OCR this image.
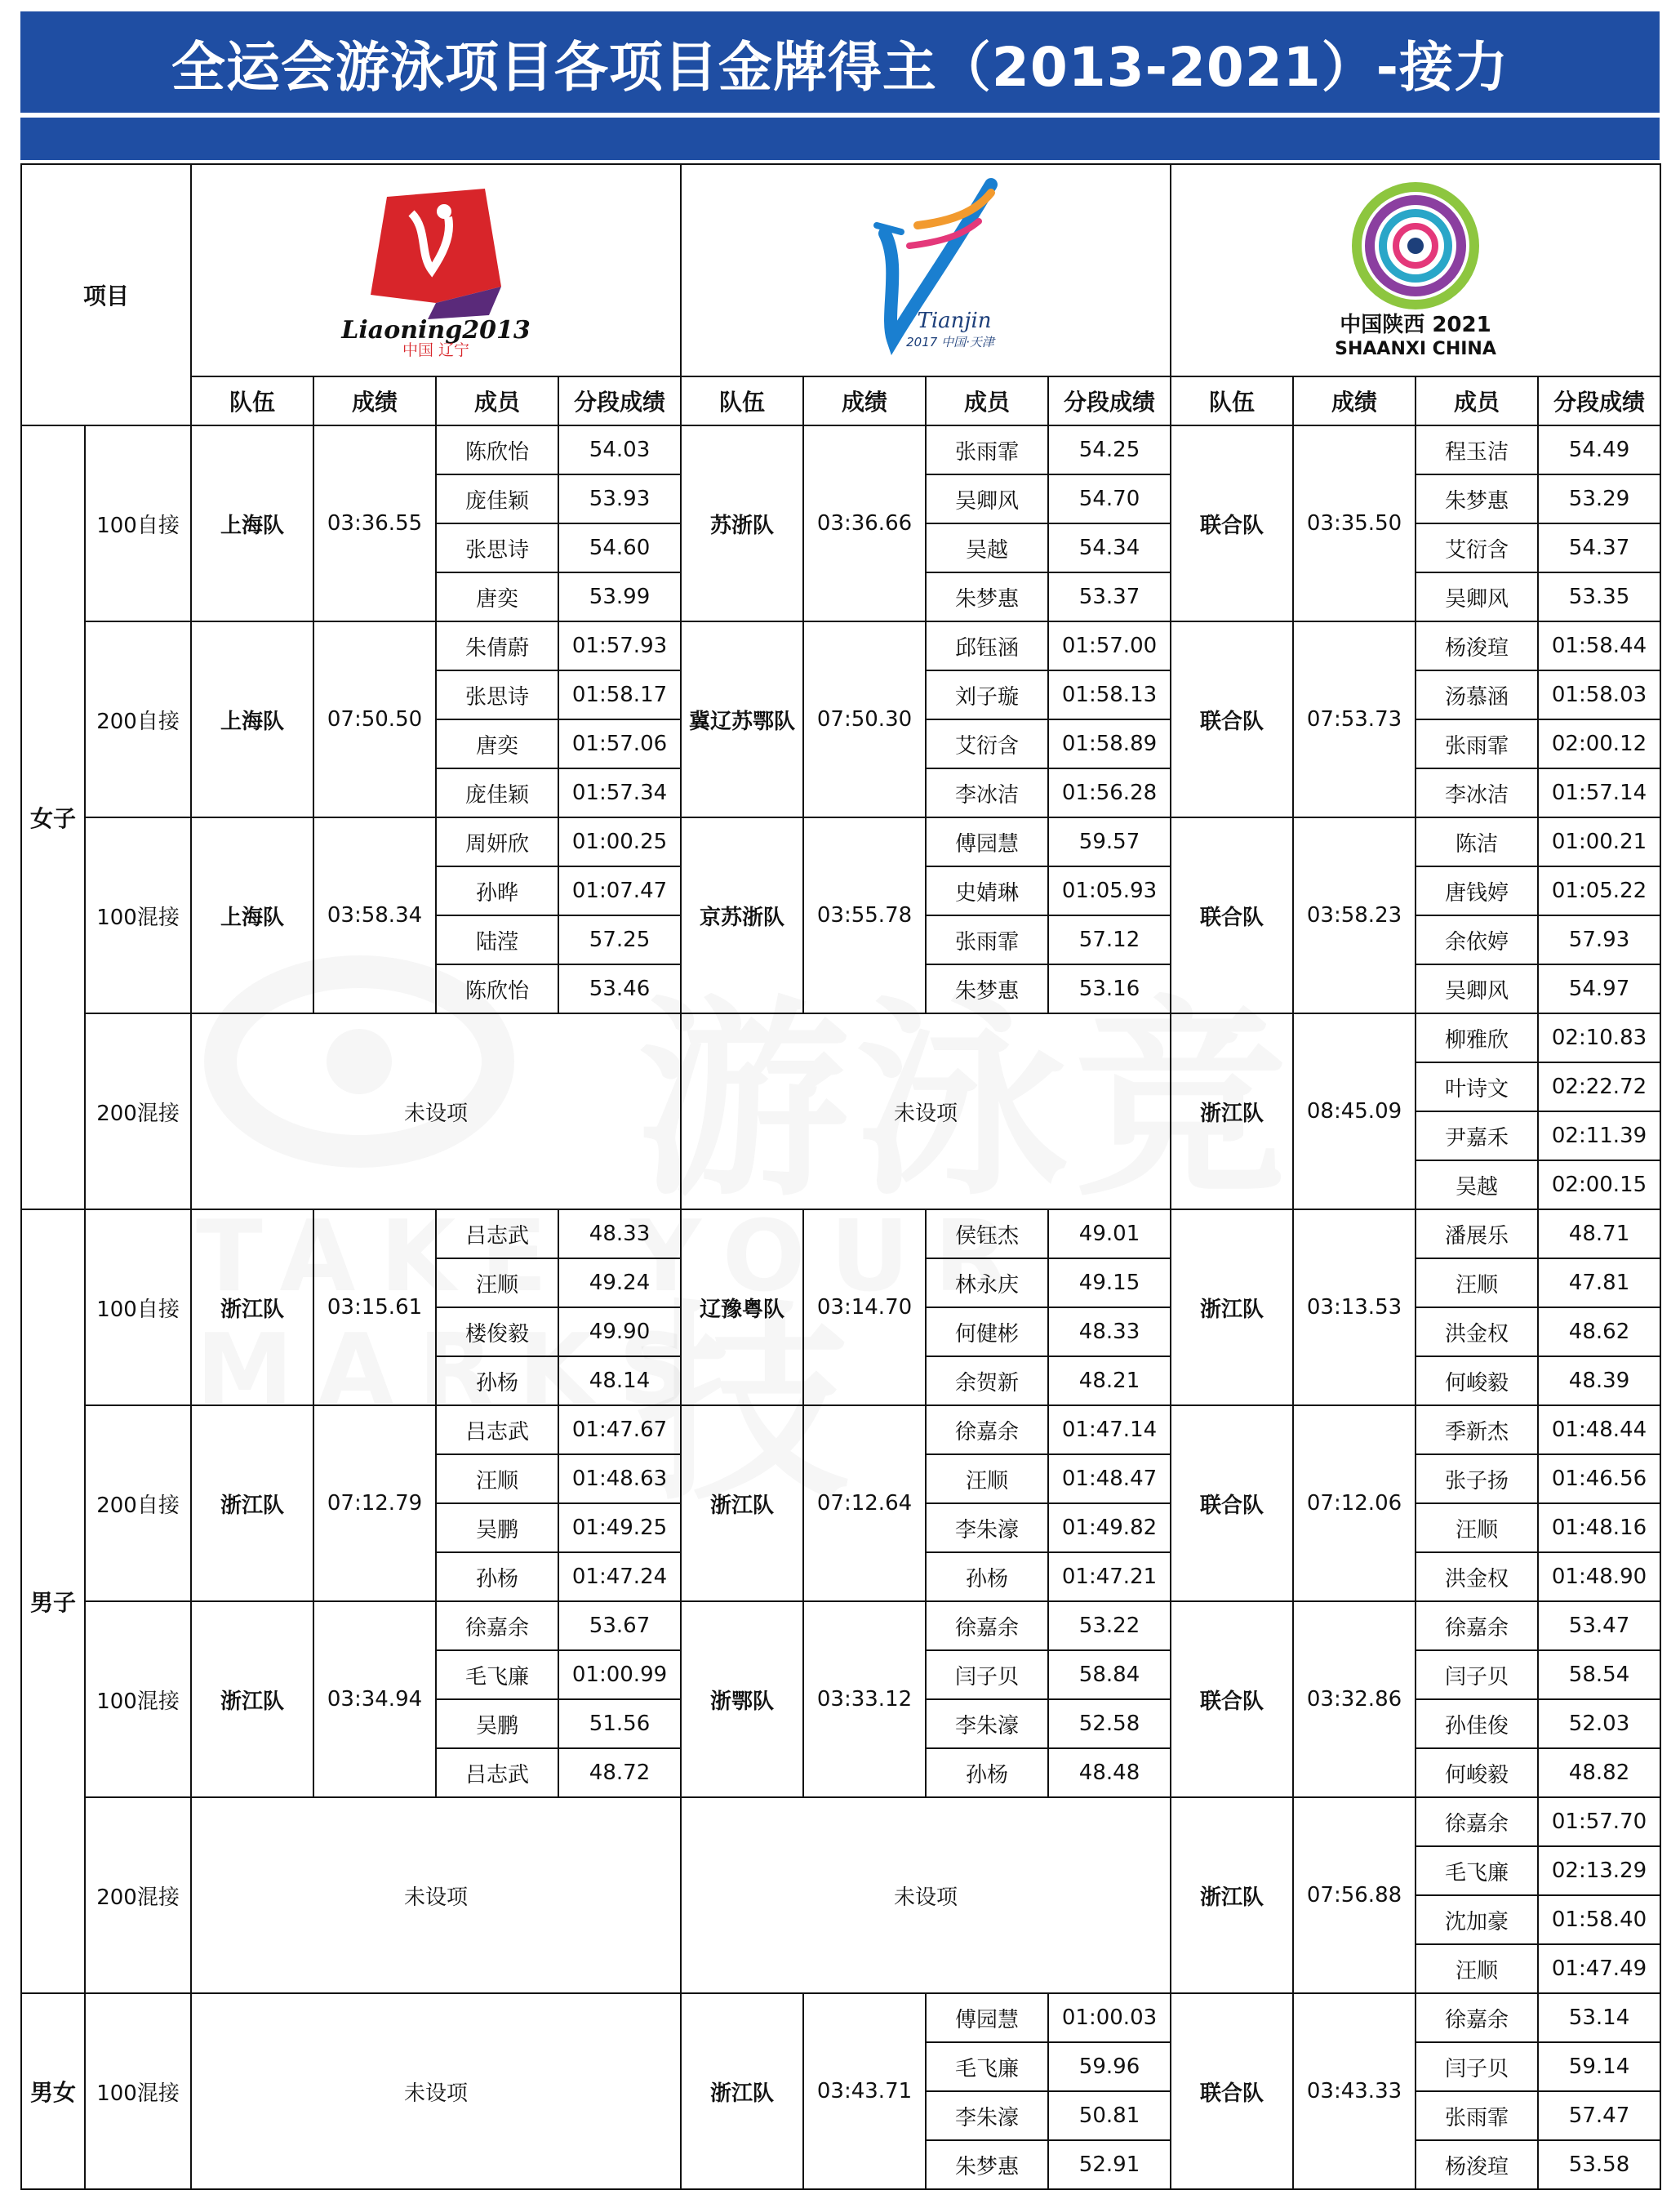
全运会游泳项目各项目金牌得主（2013-2021）-接力
项目		Liaoning2013
中国 辽宁				Tianjin
2017 中国·天津				中国陕西 2021
SHAANXI CHINA			

		队伍	成绩	成员	分段成绩	队伍	成绩	成员	分段成绩	队伍	成绩	成员	分段成绩
女子	100自接	上海队	03:36.55	陈欣怡	54.03	苏浙队	03:36.66	张雨霏	54.25	联合队	03:35.50	程玉洁	54.49
				庞佳颖	53.93			吴卿风	54.70			朱梦惠	53.29
				张思诗	54.60			吴越	54.34			艾衍含	54.37
				唐奕	53.99			朱梦惠	53.37			吴卿风	53.35
	200自接	上海队	07:50.50	朱倩蔚	01:57.93	冀辽苏鄂队	07:50.30	邱钰涵	01:57.00	联合队	07:53.73	杨浚瑄	01:58.44
				张思诗	01:58.17			刘子璇	01:58.13			汤慕涵	01:58.03
				唐奕	01:57.06			艾衍含	01:58.89			张雨霏	02:00.12
				庞佳颖	01:57.34			李冰洁	01:56.28			李冰洁	01:57.14
	100混接	上海队	03:58.34	周妍欣	01:00.25	京苏浙队	03:55.78	傅园慧	59.57	联合队	03:58.23	陈洁	01:00.21
				孙晔	01:07.47			史婧琳	01:05.93			唐钱婷	01:05.22
				陆滢	57.25			张雨霏	57.12			余依婷	57.93
				陈欣怡	53.46			朱梦惠	53.16			吴卿风	54.97
	200混接	未设项				未设项				浙江队	08:45.09	柳雅欣	02:10.83
												叶诗文	02:22.72
												尹嘉禾	02:11.39
												吴越	02:00.15
男子	100自接	浙江队	03:15.61	吕志武	48.33	辽豫粤队	03:14.70	侯钰杰	49.01	浙江队	03:13.53	潘展乐	48.71
				汪顺	49.24			林永庆	49.15			汪顺	47.81
				楼俊毅	49.90			何健彬	48.33			洪金权	48.62
				孙杨	48.14			余贺新	48.21			何峻毅	48.39
	200自接	浙江队	07:12.79	吕志武	01:47.67	浙江队	07:12.64	徐嘉余	01:47.14	联合队	07:12.06	季新杰	01:48.44
				汪顺	01:48.63			汪顺	01:48.47			张子扬	01:46.56
				吴鹏	01:49.25			李朱濠	01:49.82			汪顺	01:48.16
				孙杨	01:47.24			孙杨	01:47.21			洪金权	01:48.90
	100混接	浙江队	03:34.94	徐嘉余	53.67	浙鄂队	03:33.12	徐嘉余	53.22	联合队	03:32.86	徐嘉余	53.47
				毛飞廉	01:00.99			闫子贝	58.84			闫子贝	58.54
				吴鹏	51.56			李朱濠	52.58			孙佳俊	52.03
				吕志武	48.72			孙杨	48.48			何峻毅	48.82
	200混接	未设项				未设项				浙江队	07:56.88	徐嘉余	01:57.70
												毛飞廉	02:13.29
												沈加豪	01:58.40
												汪顺	01:47.49
男女	100混接	未设项				浙江队	03:43.71	傅园慧	01:00.03	联合队	03:43.33	徐嘉余	53.14
								毛飞廉	59.96			闫子贝	59.14
								李朱濠	50.81			张雨霏	57.47
								朱梦惠	52.91			杨浚瑄	53.58
